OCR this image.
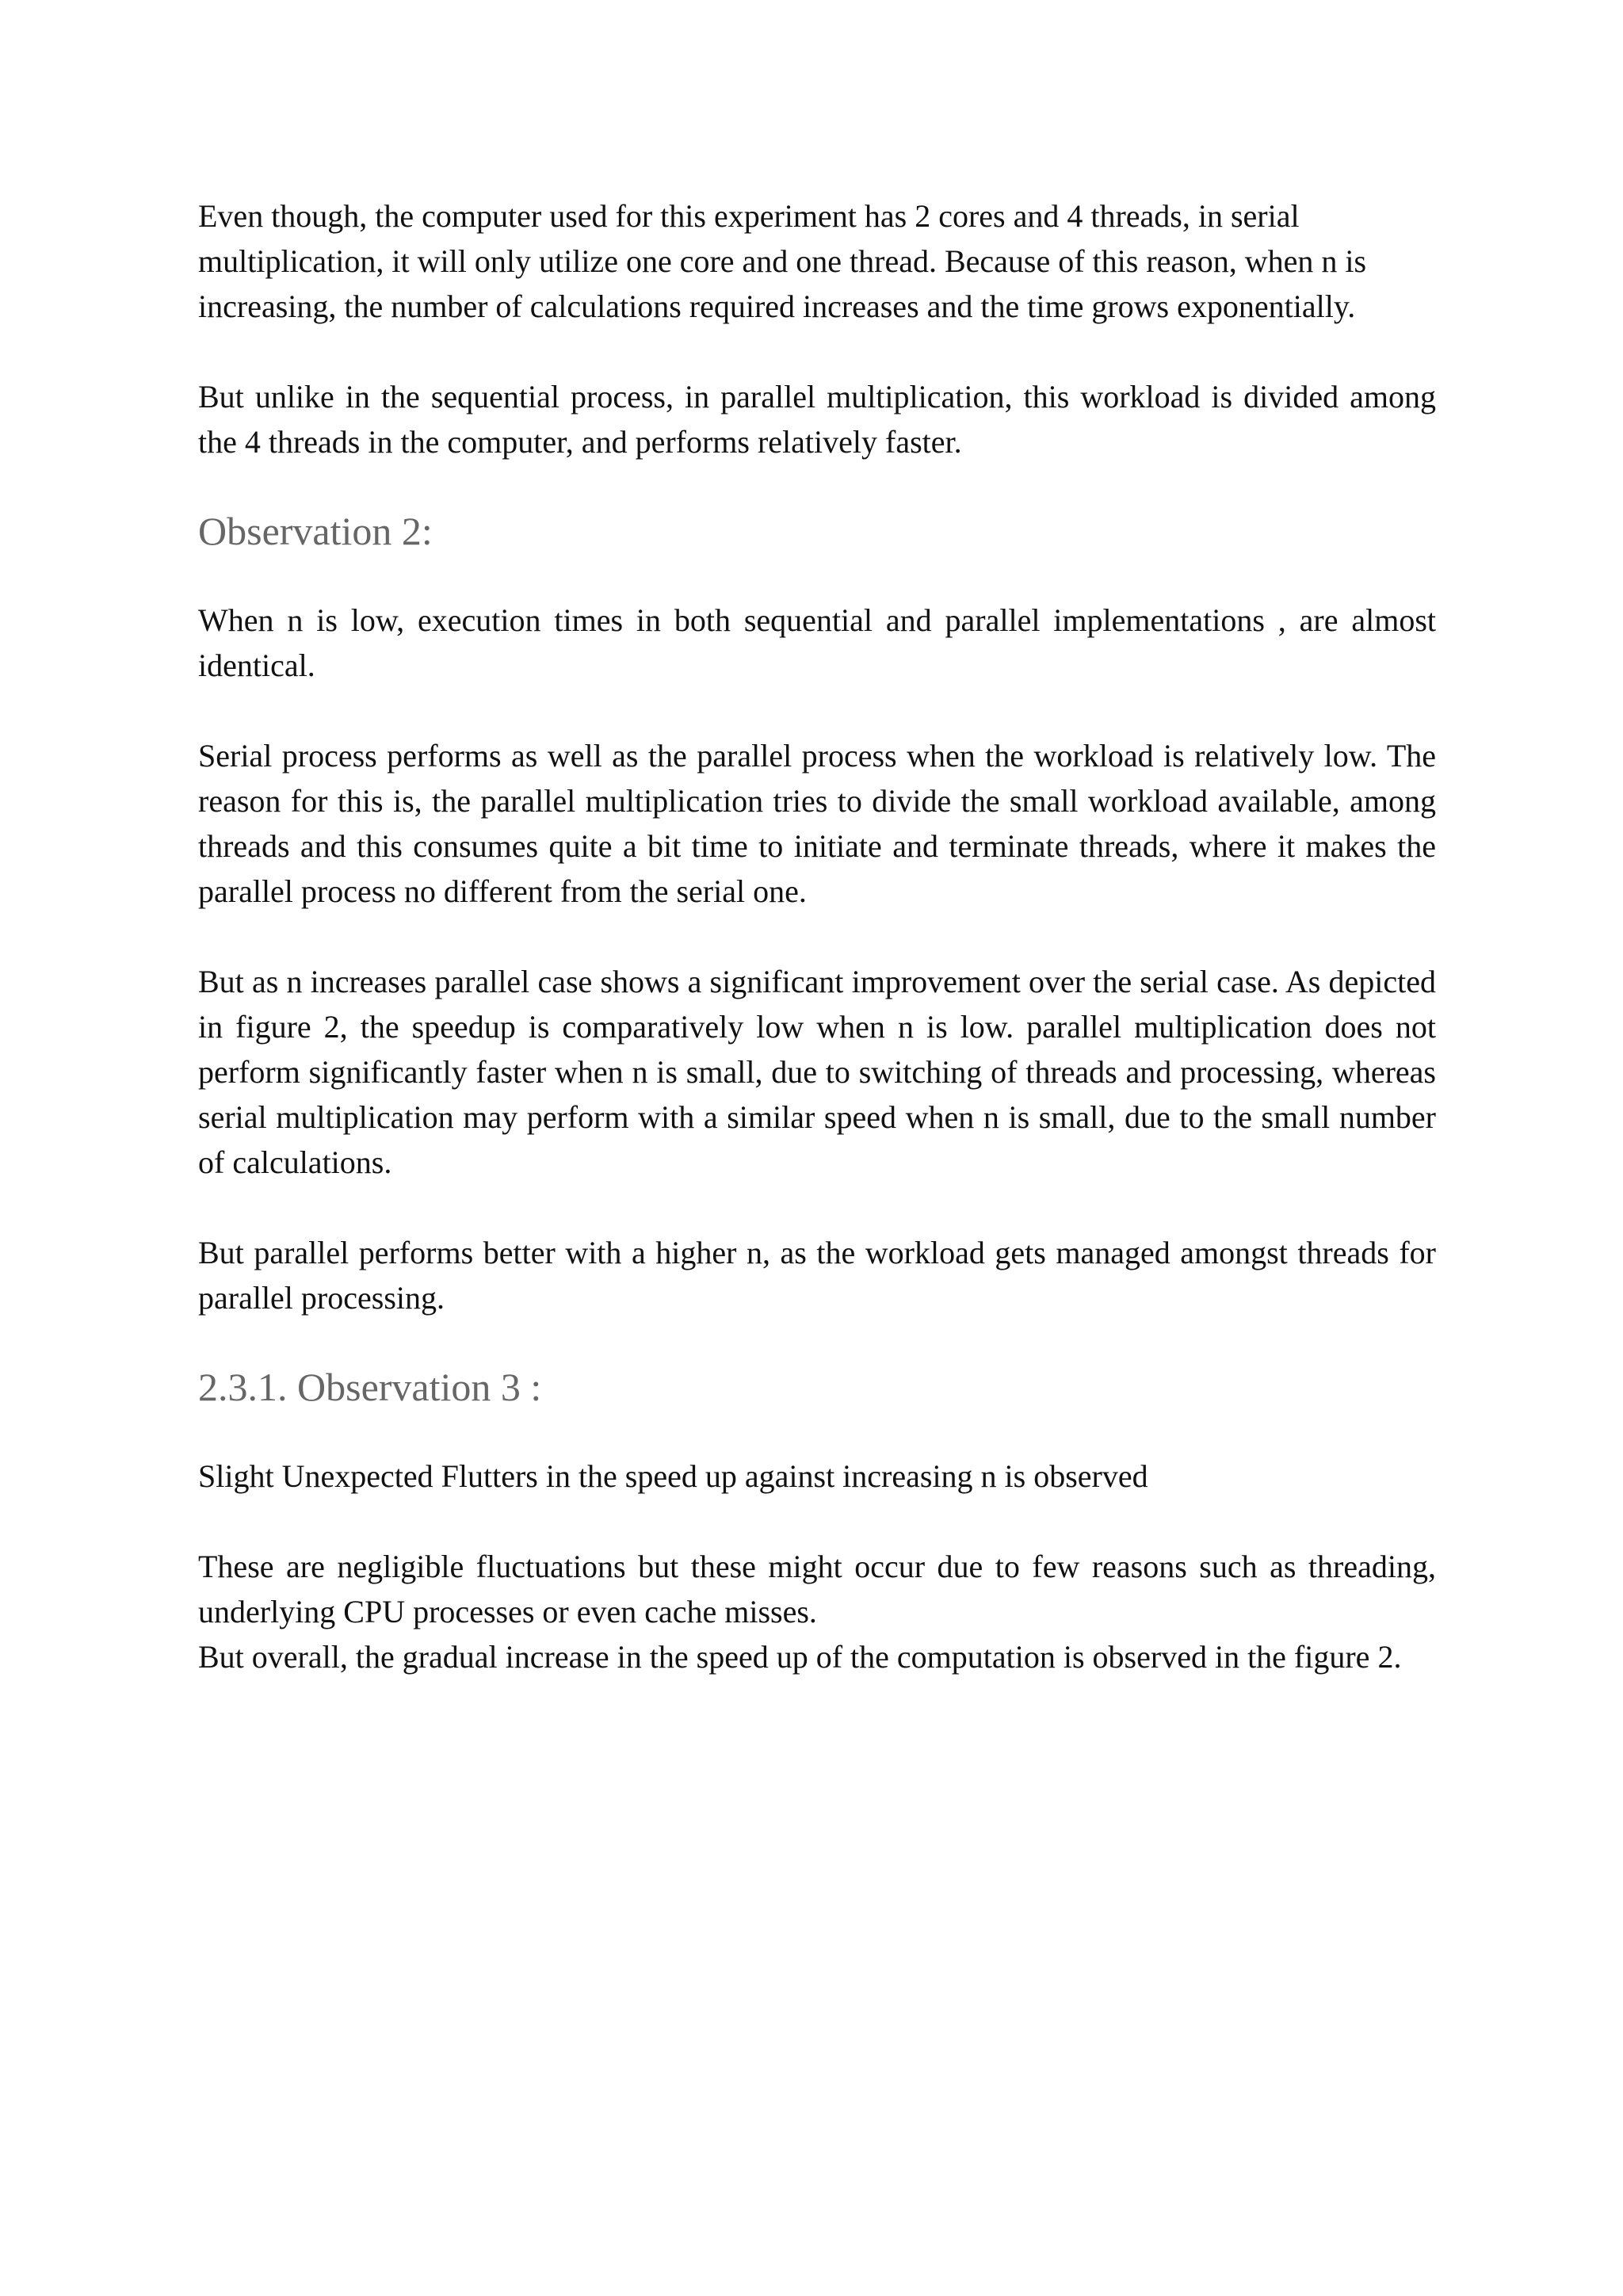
Even though, the computer used for this experiment has 2 cores and 4 threads, in serial multiplication, it will only utilize one core and one thread. Because of this reason, when n is increasing, the number of calculations required increases and the time grows exponentially.

But unlike in the sequential process, in parallel multiplication, this workload is divided among the 4 threads in the computer, and performs relatively faster.

Observation 2:

When n is low, execution times in both sequential and parallel implementations , are almost identical.

Serial process performs as well as the parallel process when the workload is relatively low. The reason for this is, the parallel multiplication tries to divide the small workload available, among threads and this consumes quite a bit time to initiate and terminate threads, where it makes the parallel process no different from the serial one.

But as n increases parallel case shows a significant improvement over the serial case. As depicted in figure 2, the speedup is comparatively low when n is low. parallel multiplication does not perform significantly faster when n is small, due to switching of threads and processing, whereas serial multiplication may perform with a similar speed when n is small, due to the small number of calculations.

But parallel performs better with a higher n, as the workload gets managed amongst threads for parallel processing.

2.3.1. Observation 3 :

Slight Unexpected Flutters in the speed up against increasing n is observed

These are negligible fluctuations but these might occur due to few reasons such as threading, underlying CPU processes or even cache misses.

But overall, the gradual increase in the speed up of the computation is observed in the figure 2.
